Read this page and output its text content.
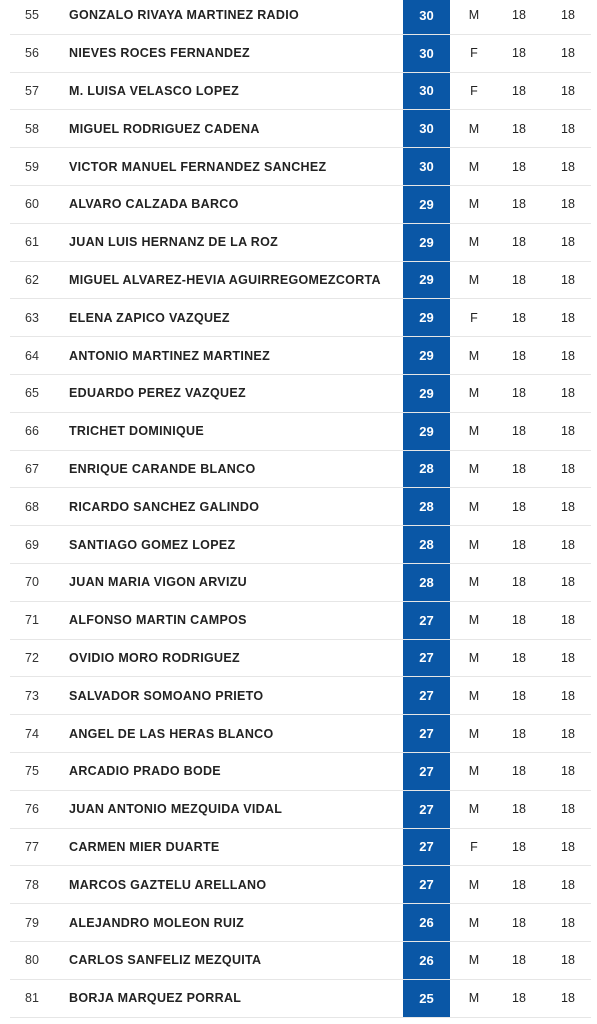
55	GONZALO RIVAYA MARTINEZ RADIO	30	M	18	18
56	NIEVES ROCES FERNANDEZ	30	F	18	18
57	M. LUISA VELASCO LOPEZ	30	F	18	18
58	MIGUEL RODRIGUEZ CADENA	30	M	18	18
59	VICTOR MANUEL FERNANDEZ SANCHEZ	30	M	18	18
60	ALVARO CALZADA BARCO	29	M	18	18
61	JUAN LUIS HERNANZ DE LA ROZ	29	M	18	18
62	MIGUEL ALVAREZ-HEVIA AGUIRREGOMEZCORTA	29	M	18	18
63	ELENA ZAPICO VAZQUEZ	29	F	18	18
64	ANTONIO MARTINEZ MARTINEZ	29	M	18	18
65	EDUARDO PEREZ VAZQUEZ	29	M	18	18
66	TRICHET DOMINIQUE	29	M	18	18
67	ENRIQUE CARANDE BLANCO	28	M	18	18
68	RICARDO SANCHEZ GALINDO	28	M	18	18
69	SANTIAGO GOMEZ LOPEZ	28	M	18	18
70	JUAN MARIA VIGON ARVIZU	28	M	18	18
71	ALFONSO MARTIN CAMPOS	27	M	18	18
72	OVIDIO MORO RODRIGUEZ	27	M	18	18
73	SALVADOR SOMOANO PRIETO	27	M	18	18
74	ANGEL DE LAS HERAS BLANCO	27	M	18	18
75	ARCADIO PRADO BODE	27	M	18	18
76	JUAN ANTONIO MEZQUIDA VIDAL	27	M	18	18
77	CARMEN MIER DUARTE	27	F	18	18
78	MARCOS GAZTELU ARELLANO	27	M	18	18
79	ALEJANDRO MOLEON RUIZ	26	M	18	18
80	CARLOS SANFELIZ MEZQUITA	26	M	18	18
81	BORJA MARQUEZ PORRAL	25	M	18	18
